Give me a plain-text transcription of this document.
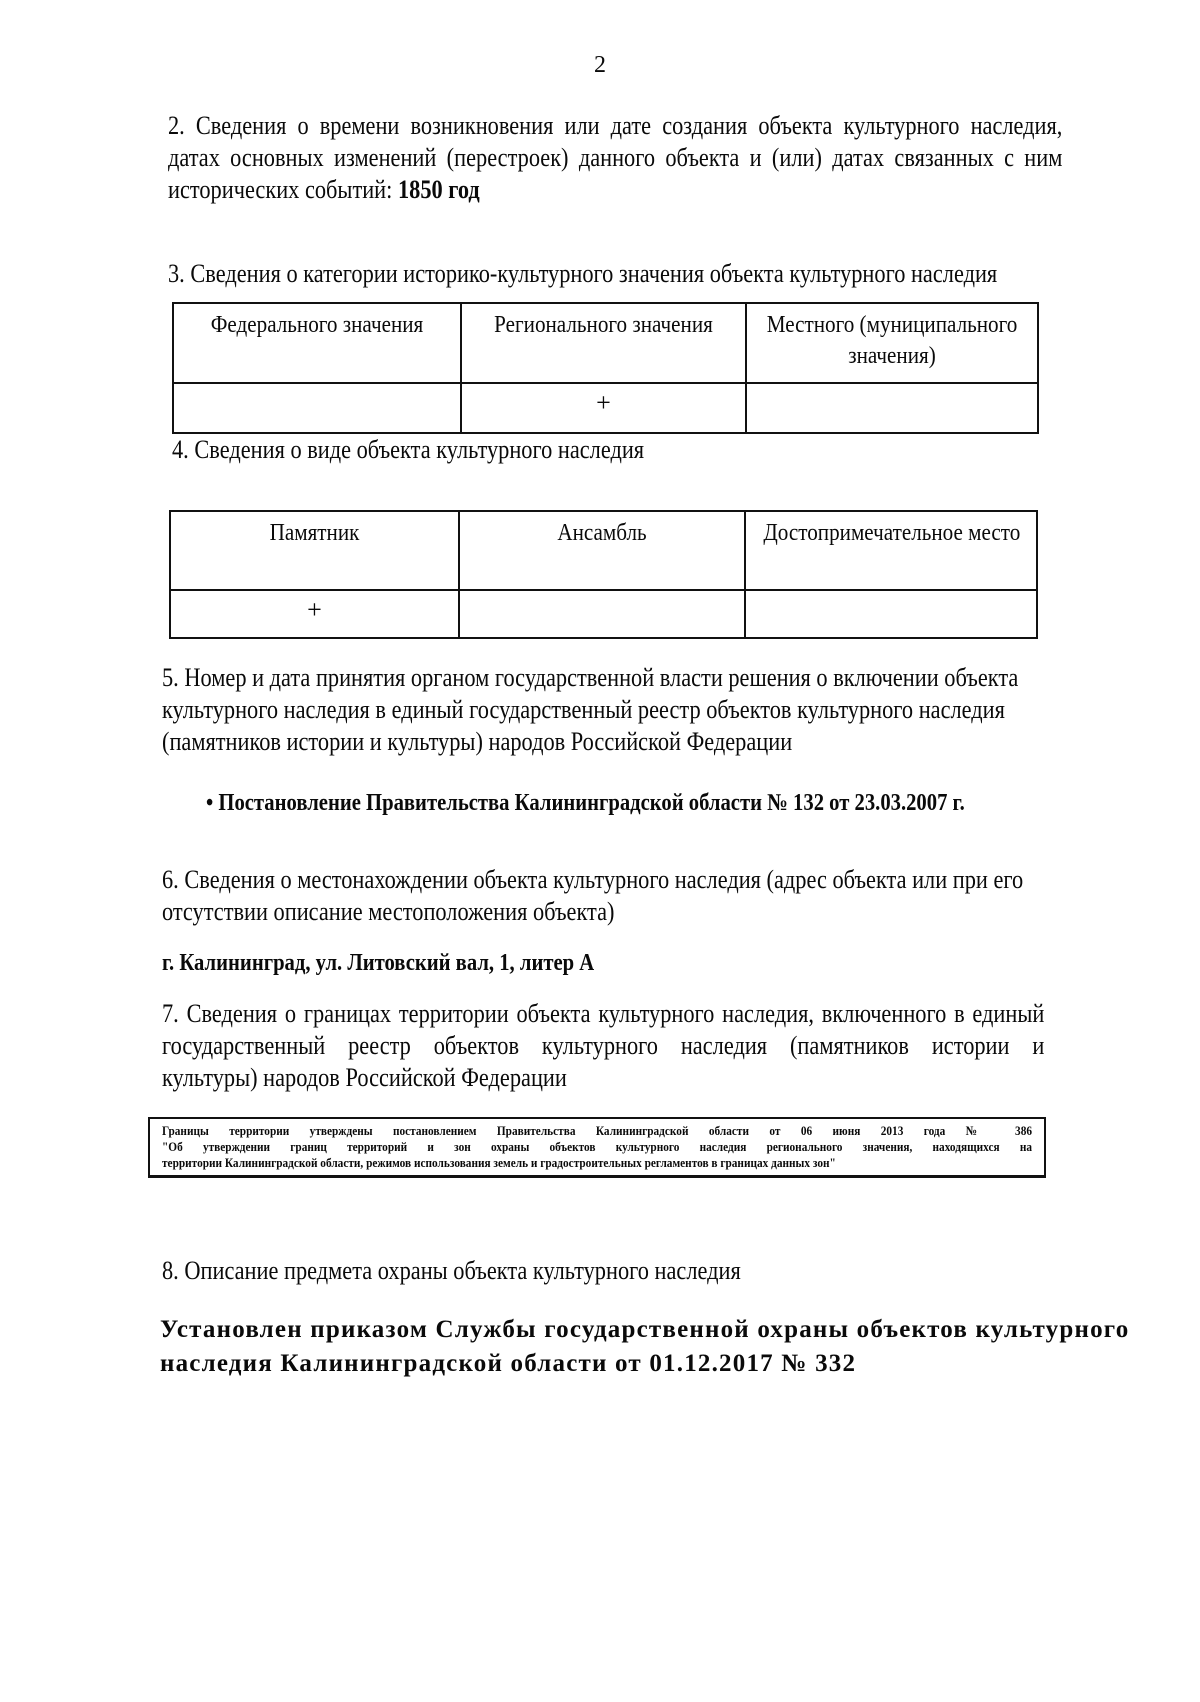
2
2. Сведения о времени возникновения или дате создания объекта культурного наследия,
датах основных изменений (перестроек) данного объекта и (или) датах связанных с ним
исторических событий: 1850 год
3. Сведения о категории историко-культурного значения объекта культурного наследия
Федерального значения	Регионального значения	Местного (муниципального
значения)

	+	

4. Сведения о виде объекта культурного наследия
Памятник	Ансамбль	Достопримечательное место

+		

5. Номер и дата принятия органом государственной власти решения о включении объекта
культурного наследия в единый государственный реестр объектов культурного наследия
(памятников истории и культуры) народов Российской Федерации
• Постановление Правительства Калининградской области № 132 от 23.03.2007 г.
6. Сведения о местонахождении объекта культурного наследия (адрес объекта или при его
отсутствии описание местоположения объекта)
г. Калининград, ул. Литовский вал, 1, литер А
7. Сведения о границах территории объекта культурного наследия, включенного в единый
государственный реестр объектов культурного наследия (памятников истории и
культуры) народов Российской Федерации
Границы территории утверждены постановлением Правительства Калининградской области от 06 июня 2013 года № 386
"Об утверждении границ территорий и зон охраны объектов культурного наследия регионального значения, находящихся на
территории Калининградской области, режимов использования земель и градостроительных регламентов в границах данных зон"
8. Описание предмета охраны объекта культурного наследия
Установлен приказом Службы государственной охраны объектов культурного
наследия Калининградской области от 01.12.2017 № 332
